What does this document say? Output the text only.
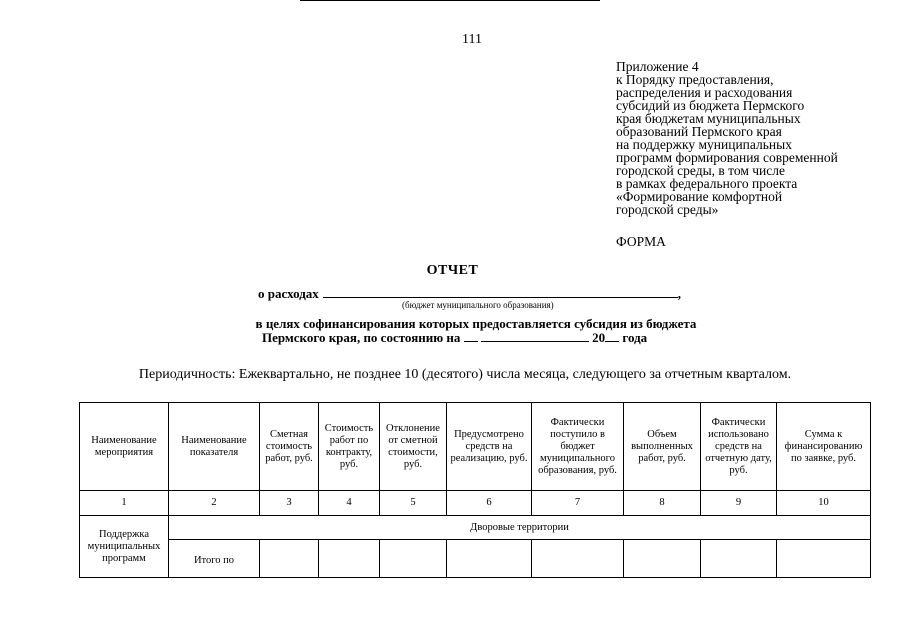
111
Приложение 4
к Порядку предоставления,
распределения и расходования
субсидий из бюджета Пермского
края бюджетам муниципальных
образований Пермского края
на поддержку муниципальных
программ формирования современной
городской среды, в том числе
в рамках федерального проекта
«Формирование комфортной
городской среды»
ФОРМА
ОТЧЕТ
о расходах	,
(бюджет муниципального образования)
в целях софинансирования которых предоставляется субсидия из бюджета
Пермского края, по состоянию на	20 года
Периодичность: Ежеквартально, не позднее 10 (десятого) числа месяца, следующего за отчетным кварталом.
Наименование мероприятия	Наименование показателя	Сметная стоимость работ, руб.	Стоимость работ по контракту, руб.	Отклонение от сметной стоимости, руб.	Предусмотрено средств на реализацию, руб.	Фактически поступило в бюджет муниципального образования, руб.	Объем выполненных работ, руб.	Фактически использовано средств на отчетную дату, руб.	Сумма к финансированию по заявке, руб.
1	2	3	4	5	6	7	8	9	10
Поддержка муниципальных программ	Дворовые территории								
	Итого по								
